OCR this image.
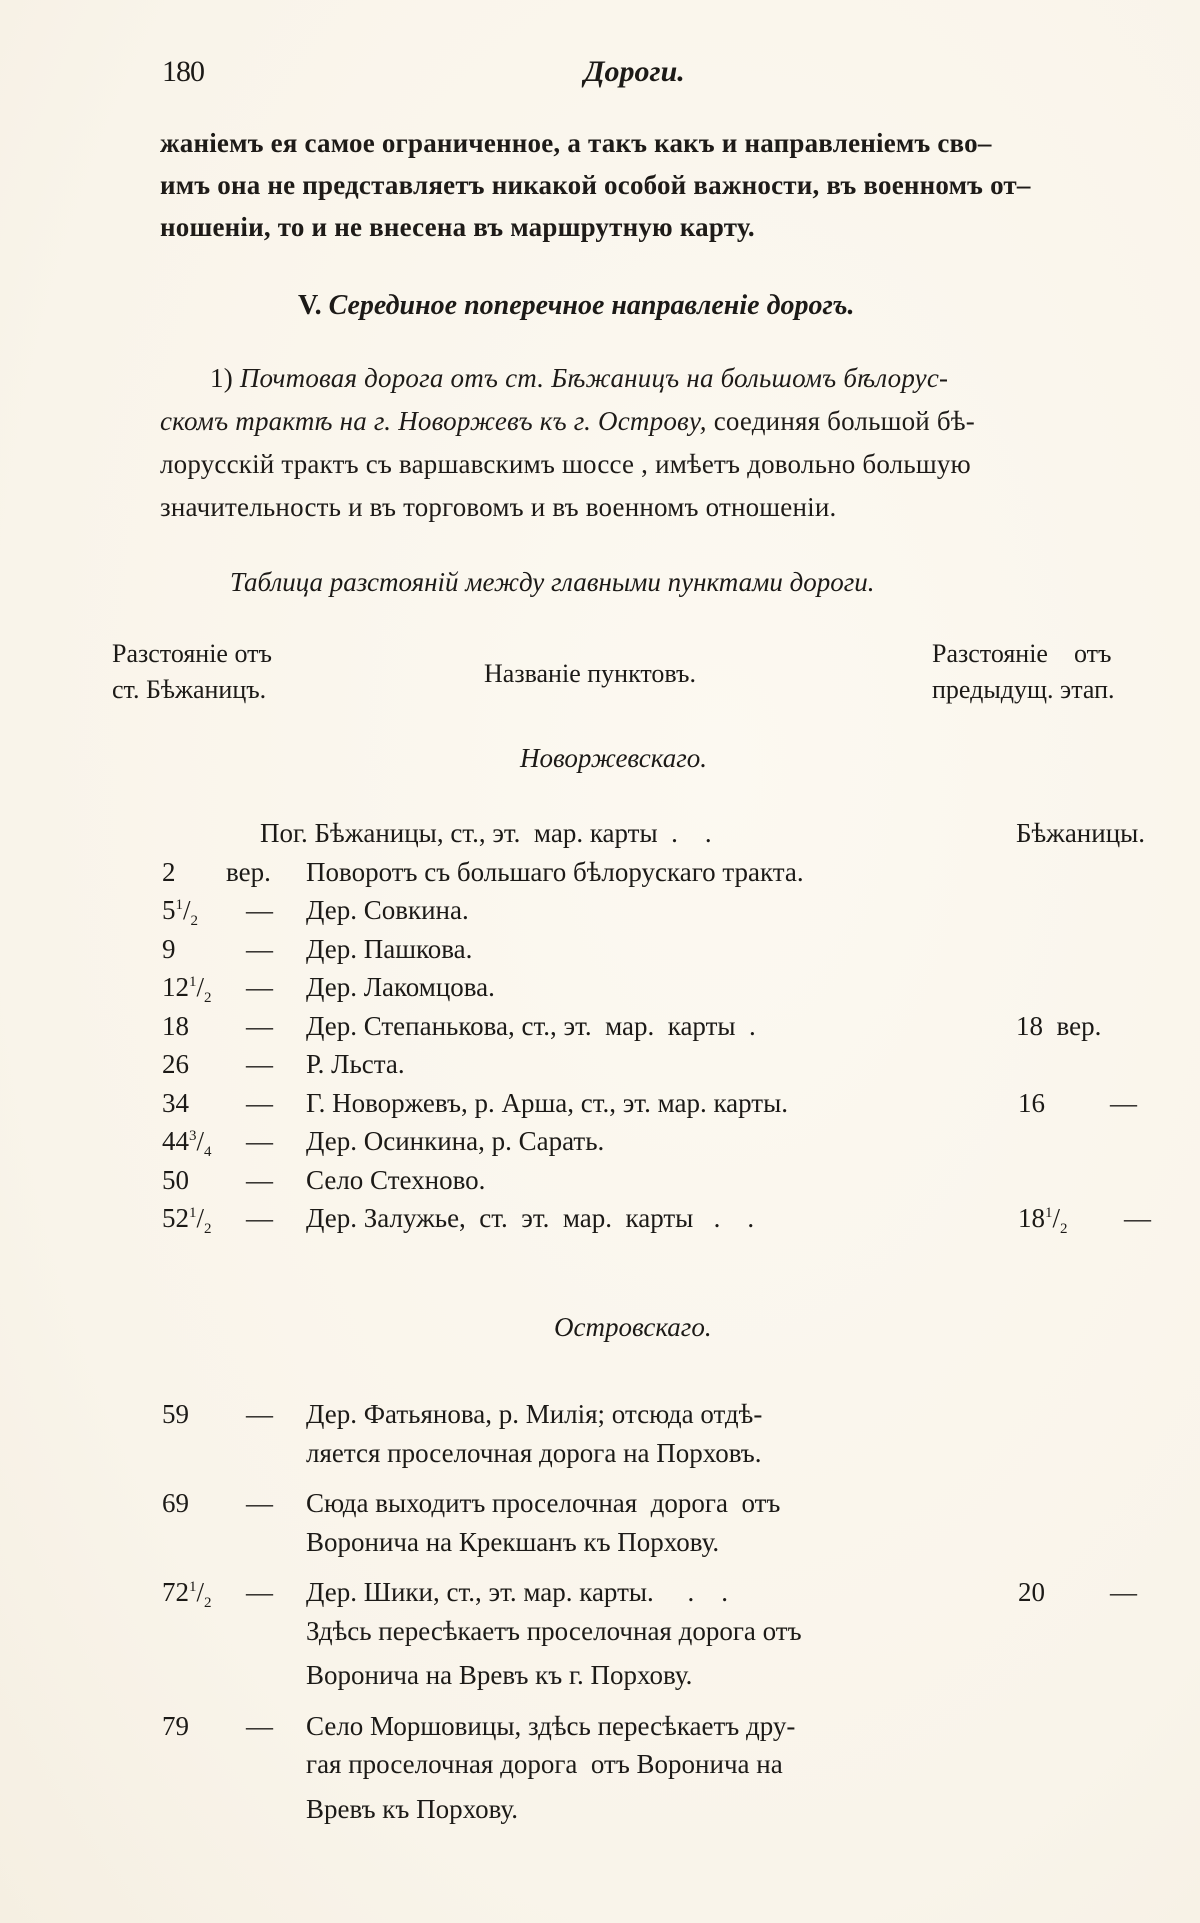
180	Дороги.
жаніемъ ея самое ограниченное, а такъ какъ и направленіемъ сво–
имъ она не представляетъ никакой особой важности, въ военномъ от–
ношеніи, то и не внесена въ маршрутную карту.
V. Серединое поперечное направленіе дорогъ.
1) Почтовая дорога отъ ст. Бѣжаницъ на большомъ бѣлорус-
скомъ трактѣ на г. Новоржевъ къ г. Острову, соединяя большой бѣ-
лорусскій трактъ съ варшавскимъ шоссе , имѣетъ довольно большую
значительность и въ торговомъ и въ военномъ отношеніи.
Таблица разстояній между главными пунктами дороги.
Разстояніе отъ
ст. Бѣжаницъ.
Названіе пунктовъ.
Разстояніе    отъ
предыдущ. этап.
Новоржевскаго.
Пог. Бѣжаницы, ст., эт.  мар. карты  .    .	Бѣжаницы.
2 вер. Поворотъ съ большаго бѣлорускаго тракта.
$5^1/_2$ — Дер. Совкина.
9	— Дер. Пашкова.
$12^1/_2$ — Дер. Лакомцова.
18 — Дер. Степанькова, ст., эт.  мар.  карты  .	18  вер.
26 — Р. Льста.
34 — Г. Новоржевъ, р. Арша, ст., эт. мар. карты.	16 —
$44^3/_4$ — Дер. Осинкина, р. Сарать.
50 — Село Стехново.
$52^1/_2$ — Дер. Залужье,  ст.  эт.  мар.  карты   .    .	$18^1/_2$ —
Островскаго.
59 — Дер. Фатьянова, р. Милія; отсюда отдѣ-
ляется проселочная дорога на Порховъ.
69 — Сюда выходитъ проселочная  дорога  отъ
Воронича на Крекшанъ къ Порхову.
$72^1/_2$ — Дер. Шики, ст., эт. мар. карты.     .    .	20 —
Здѣсь пересѣкаетъ проселочная дорога отъ
Воронича на Вревъ къ г. Порхову.
79 — Село Моршовицы, здѣсь пересѣкаетъ дру-
гая проселочная дорога  отъ Воронича на
Вревъ къ Порхову.
